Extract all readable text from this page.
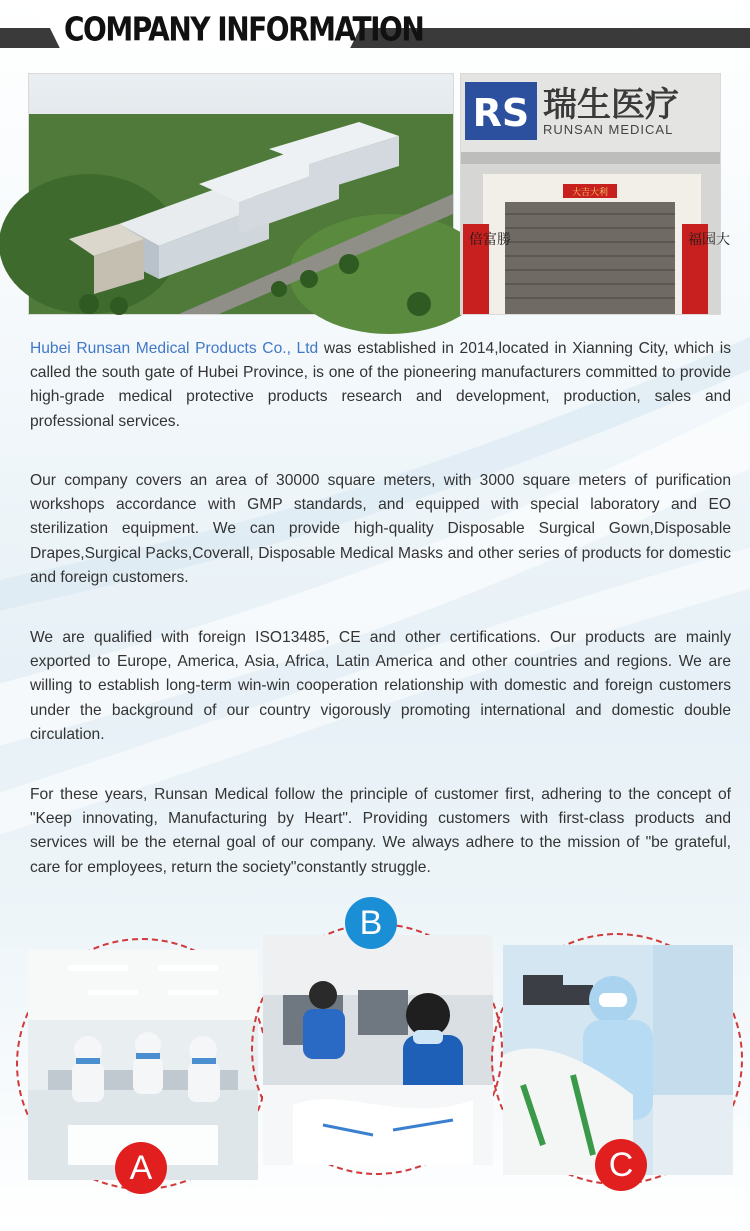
COMPANY INFORMATION
RS 瑞生医疗
RUNSAN MEDICAL
大吉大利
倍富勝	福园大

Hubei Runsan Medical Products Co., Ltd was established in 2014,located in Xianning City, which is called the south gate of Hubei Province, is one of the pioneering manufacturers committed to provide high-grade medical protective products research and development, production, sales and professional services.

Our company covers an area of 30000 square meters, with 3000 square meters of purification workshops accordance with GMP standards, and equipped with special laboratory and EO sterilization equipment. We can provide high-quality Disposable Surgical Gown,Disposable Drapes,Surgical Packs,Coverall, Disposable Medical Masks and other series of products for domestic and foreign customers.

We are qualified with foreign ISO13485, CE and other certifications. Our products are mainly exported to Europe, America, Asia, Africa, Latin America and other countries and regions. We are willing to establish long-term win-win cooperation relationship with domestic and foreign customers under the background of our country vigorously promoting international and domestic double circulation.

For these years, Runsan Medical follow the principle of customer first, adhering to the concept of "Keep innovating, Manufacturing by Heart". Providing customers with first-class products and services will be the eternal goal of our company. We always adhere to the mission of "be grateful, care for employees, return the society"constantly struggle.

A
B
C
